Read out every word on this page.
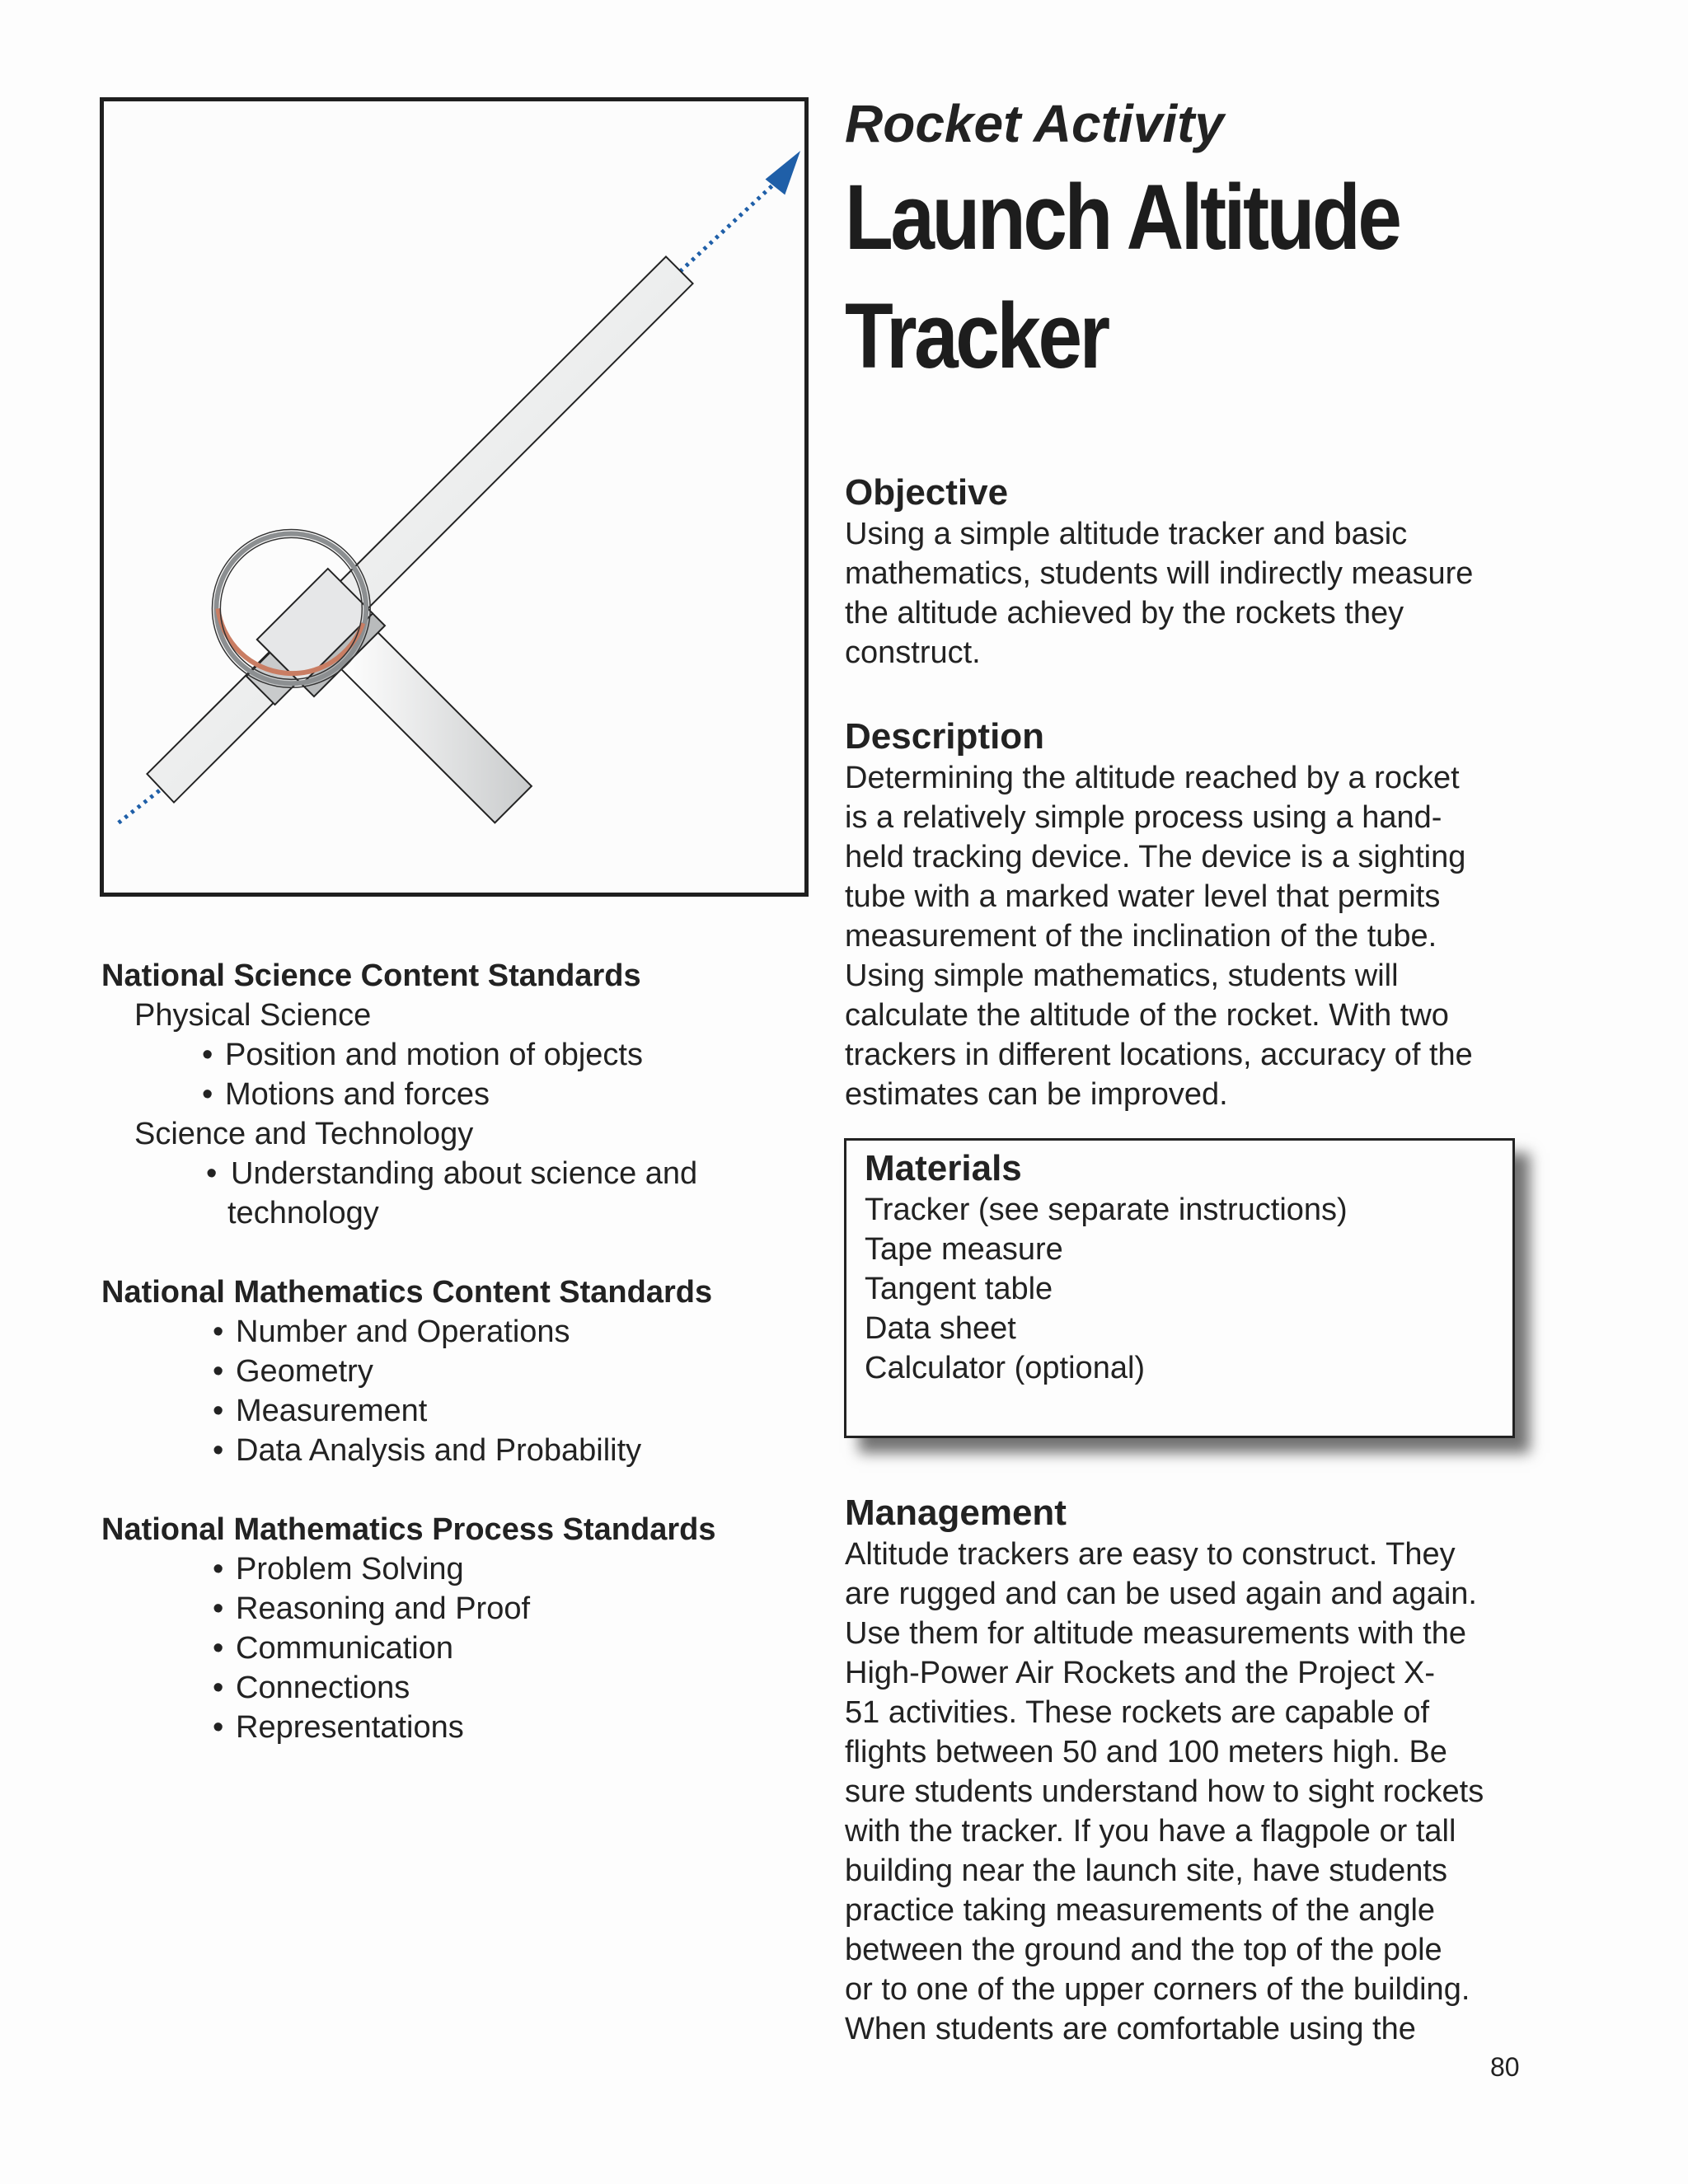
Rocket Activity

Launch Altitude
Tracker
Objective

Using a simple altitude tracker and basic
mathematics, students will indirectly measure
the altitude achieved by the rockets they
construct.

Description

Determining the altitude reached by a rocket
is a relatively simple process using a hand-
held tracking device. The device is a sighting
tube with a marked water level that permits
measurement of the inclination of the tube.
Using simple mathematics, students will
calculate the altitude of the rocket. With two
trackers in different locations, accuracy of the
estimates can be improved.

Materials
Tracker (see separate instructions)
Tape measure
Tangent table
Data sheet
Calculator (optional)
Management

Altitude trackers are easy to construct. They
are rugged and can be used again and again.
Use them for altitude measurements with the
High-Power Air Rockets and the Project X-
51 activities. These rockets are capable of
flights between 50 and 100 meters high. Be
sure students understand how to sight rockets
with the tracker. If you have a flagpole or tall
building near the launch site, have students
practice taking measurements of the angle
between the ground and the top of the pole
or to one of the upper corners of the building.
When students are comfortable using the

National Science Content Standards
Physical Science
• Position and motion of objects
• Motions and forces
Science and Technology
• Understanding about science and
technology
National Mathematics Content Standards
• Number and Operations
• Geometry
• Measurement
• Data Analysis and Probability
National Mathematics Process Standards
• Problem Solving
• Reasoning and Proof
• Communication
• Connections
• Representations
80
